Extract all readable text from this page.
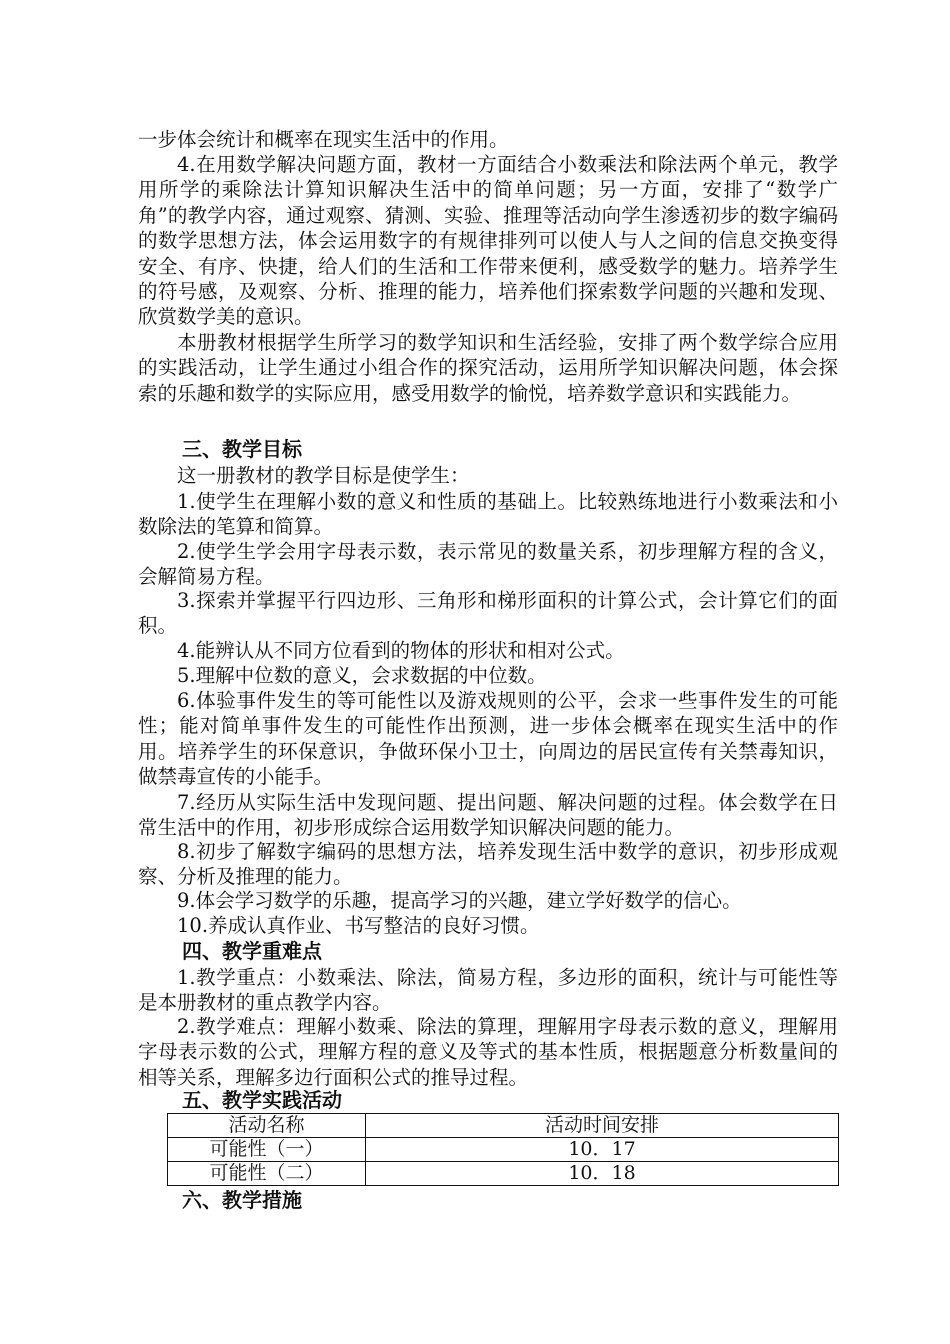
一步体会统计和概率在现实生活中的作用。

4.在用数学解决问题方面，教材一方面结合小数乘法和除法两个单元，教学用所学的乘除法计算知识解决生活中的简单问题；另一方面，安排了“数学广角”的教学内容，通过观察、猜测、实验、推理等活动向学生渗透初步的数字编码的数学思想方法，体会运用数字的有规律排列可以使人与人之间的信息交换变得安全、有序、快捷，给人们的生活和工作带来便利，感受数学的魅力。培养学生的符号感，及观察、分析、推理的能力，培养他们探索数学问题的兴趣和发现、欣赏数学美的意识。

本册教材根据学生所学习的数学知识和生活经验，安排了两个数学综合应用的实践活动，让学生通过小组合作的探究活动，运用所学知识解决问题，体会探索的乐趣和数学的实际应用，感受用数学的愉悦，培养数学意识和实践能力。

三、教学目标

这一册教材的教学目标是使学生：

1.使学生在理解小数的意义和性质的基础上。比较熟练地进行小数乘法和小数除法的笔算和简算。

2.使学生学会用字母表示数，表示常见的数量关系，初步理解方程的含义，会解简易方程。

3.探索并掌握平行四边形、三角形和梯形面积的计算公式，会计算它们的面积。

4.能辨认从不同方位看到的物体的形状和相对公式。

5.理解中位数的意义，会求数据的中位数。

6.体验事件发生的等可能性以及游戏规则的公平，会求一些事件发生的可能性；能对简单事件发生的可能性作出预测，进一步体会概率在现实生活中的作用。培养学生的环保意识，争做环保小卫士，向周边的居民宣传有关禁毒知识，做禁毒宣传的小能手。

7.经历从实际生活中发现问题、提出问题、解决问题的过程。体会数学在日常生活中的作用，初步形成综合运用数学知识解决问题的能力。

8.初步了解数字编码的思想方法，培养发现生活中数学的意识，初步形成观察、分析及推理的能力。

9.体会学习数学的乐趣，提高学习的兴趣，建立学好数学的信心。

10.养成认真作业、书写整洁的良好习惯。

四、教学重难点

1.教学重点：小数乘法、除法，简易方程，多边形的面积，统计与可能性等是本册教材的重点教学内容。

2.教学难点：理解小数乘、除法的算理，理解用字母表示数的意义，理解用字母表示数的公式，理解方程的意义及等式的基本性质，根据题意分析数量间的相等关系，理解多边行面积公式的推导过程。

五、教学实践活动
活动名称	活动时间安排
可能性（一）	10．17
可能性（二）	10．18
六、教学措施
